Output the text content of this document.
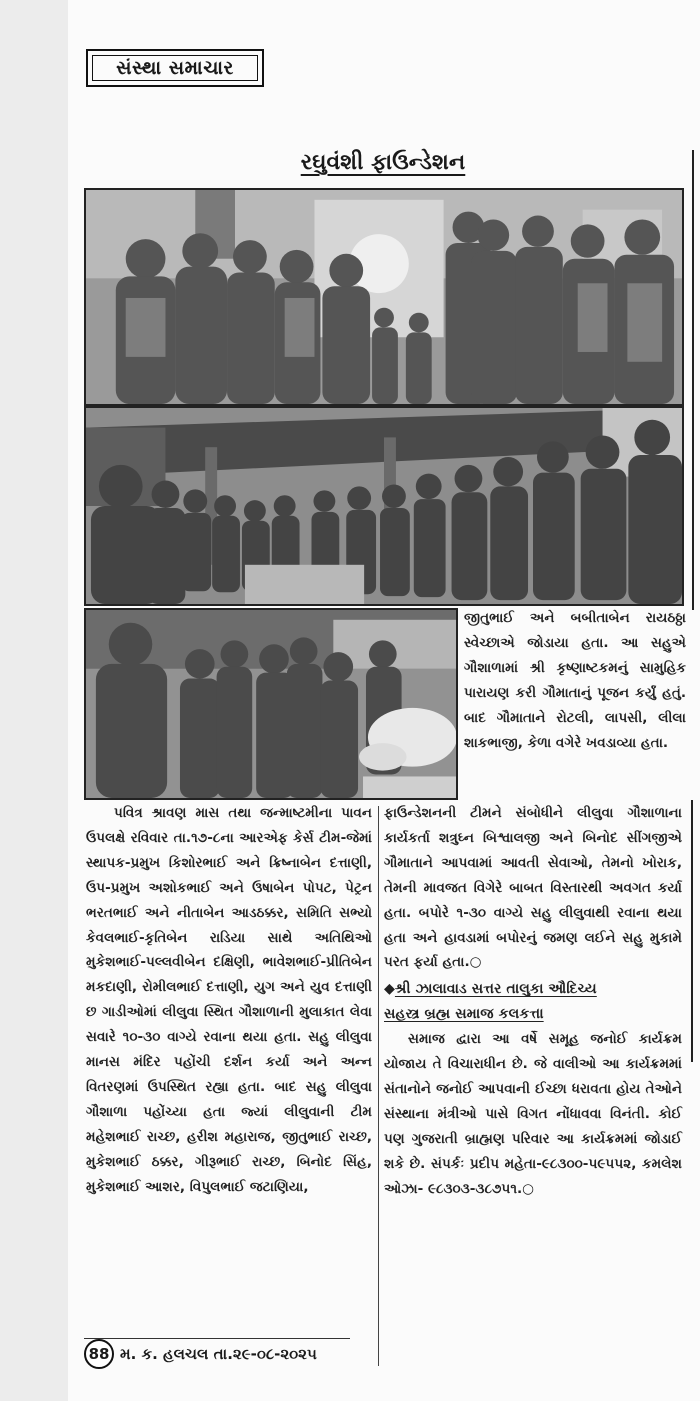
સંસ્થા સમાચાર
રઘુવંશી ફાઉન્ડેશન

જીતુભાઈ અને બબીતાબેન રાયઠઠ્ઠા સ્વેચ્છાએ જોડાયા હતા. આ સહુએ ગૌશાળામાં શ્રી કૃષ્ણાષ્ટકમનું સામુહિક પારાયણ કરી ગૌમાતાનું પૂજન કર્યું હતું. બાદ ગૌમાતાને રોટલી, લાપસી, લીલા શાકભાજી, કેળા વગેરે ખવડાવ્યા હતા.

પવિત્ર શ્રાવણ માસ તથા જન્માષ્ટમીના પાવન ઉપલક્ષે રવિવાર તા.૧૭-૮ના આરએફ કેર્સ ટીમ-જેમાં સ્થાપક-પ્રમુખ કિશોરભાઈ અને ક્રિષ્નાબેન દત્તાણી, ઉપ-પ્રમુખ અશોકભાઈ અને ઉષાબેન પોપટ, પેટ્રન ભરતભાઈ અને નીતાબેન આડઠક્કર, સમિતિ સભ્યો કેવલભાઈ-કૃતિબેન રાડિયા સાથે અતિથિઓ મુકેશભાઈ-પલ્લવીબેન દક્ષિણી, ભાવેશભાઈ-પ્રીતિબેન મકદાણી, રોમીલભાઈ દત્તાણી, યુગ અને યુવ દત્તાણી છ ગાડીઓમાં લીલુવા સ્થિત ગૌશાળાની મુલાકાત લેવા સવારે ૧૦-૩૦ વાગ્યે રવાના થયા હતા. સહુ લીલુવા માનસ મંદિર પહોંચી દર્શન કર્યા અને અન્ન વિતરણમાં ઉપસ્થિત રહ્યા હતા. બાદ સહુ લીલુવા ગૌશાળા પહોંચ્યા હતા જ્યાં લીલુવાની ટીમ મહેશભાઈ રાચ્છ, હરીશ મહારાજ, જીતુભાઈ રાચ્છ, મુકેશભાઈ ઠક્કર, ગીરૂભાઈ રાચ્છ, બિનોદ સિંહ, મુકેશભાઈ આશર, વિપુલભાઈ જટાણિયા,

ફાઉન્ડેશનની ટીમને સંબોધીને લીલુવા ગૌશાળાના કાર્યકર્તા શત્રુઘ્ન બિશ્વાલજી અને બિનોદ સીંગજીએ ગૌમાતાને આપવામાં આવતી સેવાઓ, તેમનો ખોરાક, તેમની માવજત વિગેરે બાબત વિસ્તારથી અવગત કર્યા હતા. બપોરે ૧-૩૦ વાગ્યે સહુ લીલુવાથી રવાના થયા હતા અને હાવડામાં બપોરનું જમણ લઈને સહુ મુકામે પરત ફર્યા હતા.○

◆શ્રી ઝાલાવાડ સત્તર તાલુકા ઔદિચ્ય
સહસ્ત્ર બ્રહ્મ સમાજ કલકત્તા

સમાજ દ્વારા આ વર્ષે સમૂહ જનોઈ કાર્યક્રમ યોજાય તે વિચારાધીન છે. જે વાલીઓ આ કાર્યક્રમમાં સંતાનોને જનોઈ આપવાની ઈચ્છા ધરાવતા હોય તેઓને સંસ્થાના મંત્રીઓ પાસે વિગત નોંધાવવા વિનંતી. કોઈ પણ ગુજરાતી બ્રાહ્મણ પરિવાર આ કાર્યક્રમમાં જોડાઈ શકે છે. સંપર્કઃ પ્રદીપ મહેતા-૯૮૩૦૦-૫૯૫૫૨, કમલેશ ઓઝા- ૯૮૩૦૩-૩૮૭૫૧.○

88 મ. ક. હલચલ તા.૨૯-૦૮-૨૦૨૫
